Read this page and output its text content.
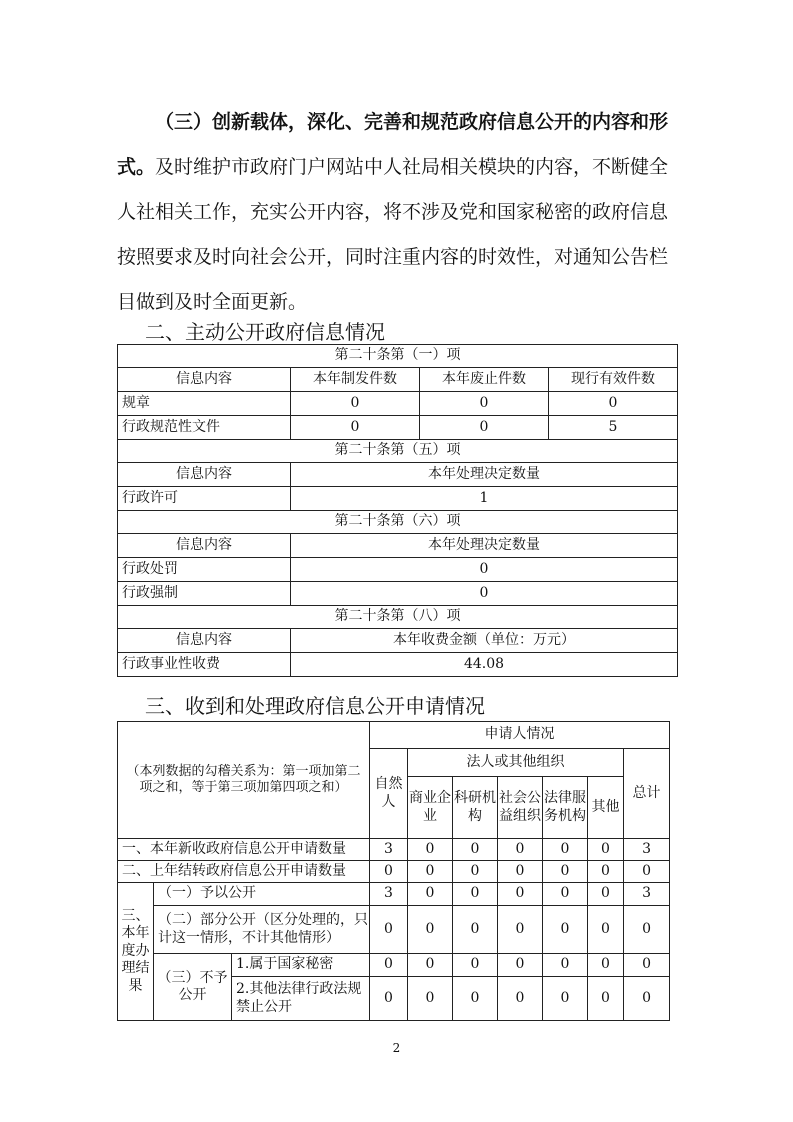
（三）创新载体，深化、完善和规范政府信息公开的内容和形式。及时维护市政府门户网站中人社局相关模块的内容，不断健全人社相关工作，充实公开内容，将不涉及党和国家秘密的政府信息按照要求及时向社会公开，同时注重内容的时效性，对通知公告栏目做到及时全面更新。
二、主动公开政府信息情况
第二十条第（一）项			
信息内容	本年制发件数	本年废止件数	现行有效件数
规章	0	0	0
行政规范性文件	0	0	5
第二十条第（五）项			
信息内容	本年处理决定数量		
行政许可	1		
第二十条第（六）项			
信息内容	本年处理决定数量		
行政处罚	0		
行政强制	0		
第二十条第（八）项			
信息内容	本年收费金额（单位：万元）		
行政事业性收费	44.08		
三、收到和处理政府信息公开申请情况
（本列数据的勾稽关系为：第一项加第二项之和，等于第三项加第四项之和）			申请人情况						
			自然人	法人或其他组织					总计
				商业企业	科研机构	社会公益组织	法律服务机构	其他	
一、本年新收政府信息公开申请数量			3	0	0	0	0	0	3
二、上年结转政府信息公开申请数量			0	0	0	0	0	0	0
三、本年度办理结果	（一）予以公开		3	0	0	0	0	0	3
	（二）部分公开（区分处理的，只计这一情形，不计其他情形）		0	0	0	0	0	0	0
	（三）不予公开	1.属于国家秘密	0	0	0	0	0	0	0
		2.其他法律行政法规禁止公开	0	0	0	0	0	0	0
2
